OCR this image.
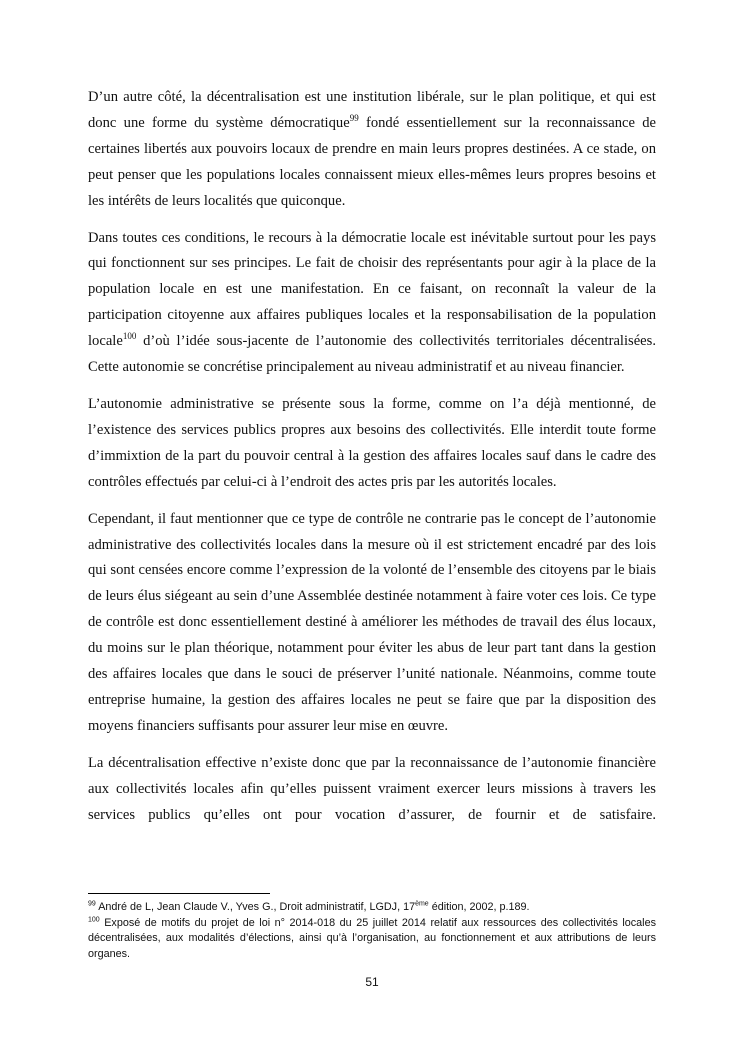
D’un autre côté, la décentralisation est une institution libérale, sur le plan politique, et qui est donc une forme du système démocratique$^{99}$ fondé essentiellement sur la reconnaissance de certaines libertés aux pouvoirs locaux de prendre en main leurs propres destinées. A ce stade, on peut penser que les populations locales connaissent mieux elles-mêmes leurs propres besoins et les intérêts de leurs localités que quiconque.

Dans toutes ces conditions, le recours à la démocratie locale est inévitable surtout pour les pays qui fonctionnent sur ses principes. Le fait de choisir des représentants pour agir à la place de la population locale en est une manifestation. En ce faisant, on reconnaît la valeur de la participation citoyenne aux affaires publiques locales et la responsabilisation de la population locale$^{100}$ d’où l’idée sous-jacente de l’autonomie des collectivités territoriales décentralisées. Cette autonomie se concrétise principalement au niveau administratif et au niveau financier.

L’autonomie administrative se présente sous la forme, comme on l’a déjà mentionné, de l’existence des services publics propres aux besoins des collectivités. Elle interdit toute forme d’immixtion de la part du pouvoir central à la gestion des affaires locales sauf dans le cadre des contrôles effectués par celui-ci à l’endroit des actes pris par les autorités locales.

Cependant, il faut mentionner que ce type de contrôle ne contrarie pas le concept de l’autonomie administrative des collectivités locales dans la mesure où il est strictement encadré par des lois qui sont censées encore comme l’expression de la volonté de l’ensemble des citoyens par le biais de leurs élus siégeant au sein d’une Assemblée destinée notamment à faire voter ces lois. Ce type de contrôle est donc essentiellement destiné à améliorer les méthodes de travail des élus locaux, du moins sur le plan théorique, notamment pour éviter les abus de leur part tant dans la gestion des affaires locales que dans le souci de préserver l’unité nationale. Néanmoins, comme toute entreprise humaine, la gestion des affaires locales ne peut se faire que par la disposition des moyens financiers suffisants pour assurer leur mise en œuvre.

La décentralisation effective n’existe donc que par la reconnaissance de l’autonomie financière aux collectivités locales afin qu’elles puissent vraiment exercer leurs missions à travers les services publics qu’elles ont pour vocation d’assurer, de fournir et de satisfaire.

$^{99}$ André de L, Jean Claude V., Yves G., Droit administratif, LGDJ, 17ème édition, 2002, p.189.

$^{100}$ Exposé de motifs du projet de loi n° 2014-018 du 25 juillet 2014 relatif aux ressources des collectivités locales décentralisées, aux modalités d’élections, ainsi qu’à l’organisation, au fonctionnement et aux attributions de leurs organes.

51
